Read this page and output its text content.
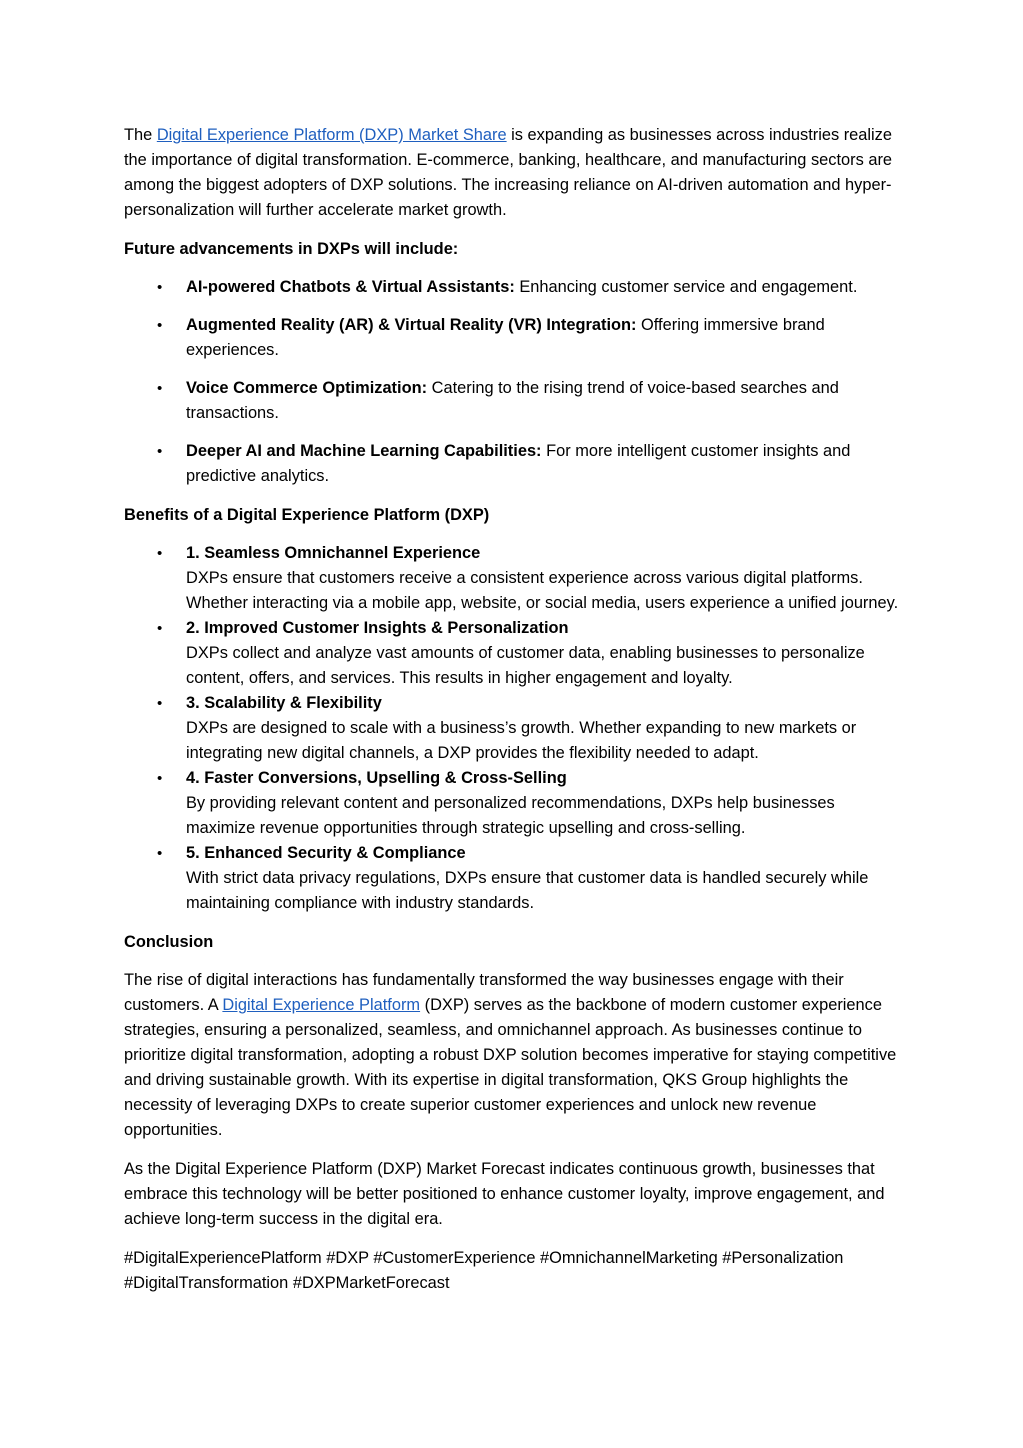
The Digital Experience Platform (DXP) Market Share is expanding as businesses across industries realize the importance of digital transformation. E-commerce, banking, healthcare, and manufacturing sectors are among the biggest adopters of DXP solutions. The increasing reliance on AI-driven automation and hyper-personalization will further accelerate market growth.

Future advancements in DXPs will include:

• AI-powered Chatbots & Virtual Assistants: Enhancing customer service and engagement.
• Augmented Reality (AR) & Virtual Reality (VR) Integration: Offering immersive brand experiences.
• Voice Commerce Optimization: Catering to the rising trend of voice-based searches and transactions.
• Deeper AI and Machine Learning Capabilities: For more intelligent customer insights and predictive analytics.

Benefits of a Digital Experience Platform (DXP)

• 1. Seamless Omnichannel Experience
DXPs ensure that customers receive a consistent experience across various digital platforms. Whether interacting via a mobile app, website, or social media, users experience a unified journey.
• 2. Improved Customer Insights & Personalization
DXPs collect and analyze vast amounts of customer data, enabling businesses to personalize content, offers, and services. This results in higher engagement and loyalty.
• 3. Scalability & Flexibility
DXPs are designed to scale with a business’s growth. Whether expanding to new markets or integrating new digital channels, a DXP provides the flexibility needed to adapt.
• 4. Faster Conversions, Upselling & Cross-Selling
By providing relevant content and personalized recommendations, DXPs help businesses maximize revenue opportunities through strategic upselling and cross-selling.
• 5. Enhanced Security & Compliance
With strict data privacy regulations, DXPs ensure that customer data is handled securely while maintaining compliance with industry standards.

Conclusion

The rise of digital interactions has fundamentally transformed the way businesses engage with their customers. A Digital Experience Platform (DXP) serves as the backbone of modern customer experience strategies, ensuring a personalized, seamless, and omnichannel approach. As businesses continue to prioritize digital transformation, adopting a robust DXP solution becomes imperative for staying competitive and driving sustainable growth. With its expertise in digital transformation, QKS Group highlights the necessity of leveraging DXPs to create superior customer experiences and unlock new revenue opportunities.

As the Digital Experience Platform (DXP) Market Forecast indicates continuous growth, businesses that embrace this technology will be better positioned to enhance customer loyalty, improve engagement, and achieve long-term success in the digital era.

#DigitalExperiencePlatform #DXP #CustomerExperience #OmnichannelMarketing #Personalization #DigitalTransformation #DXPMarketForecast
